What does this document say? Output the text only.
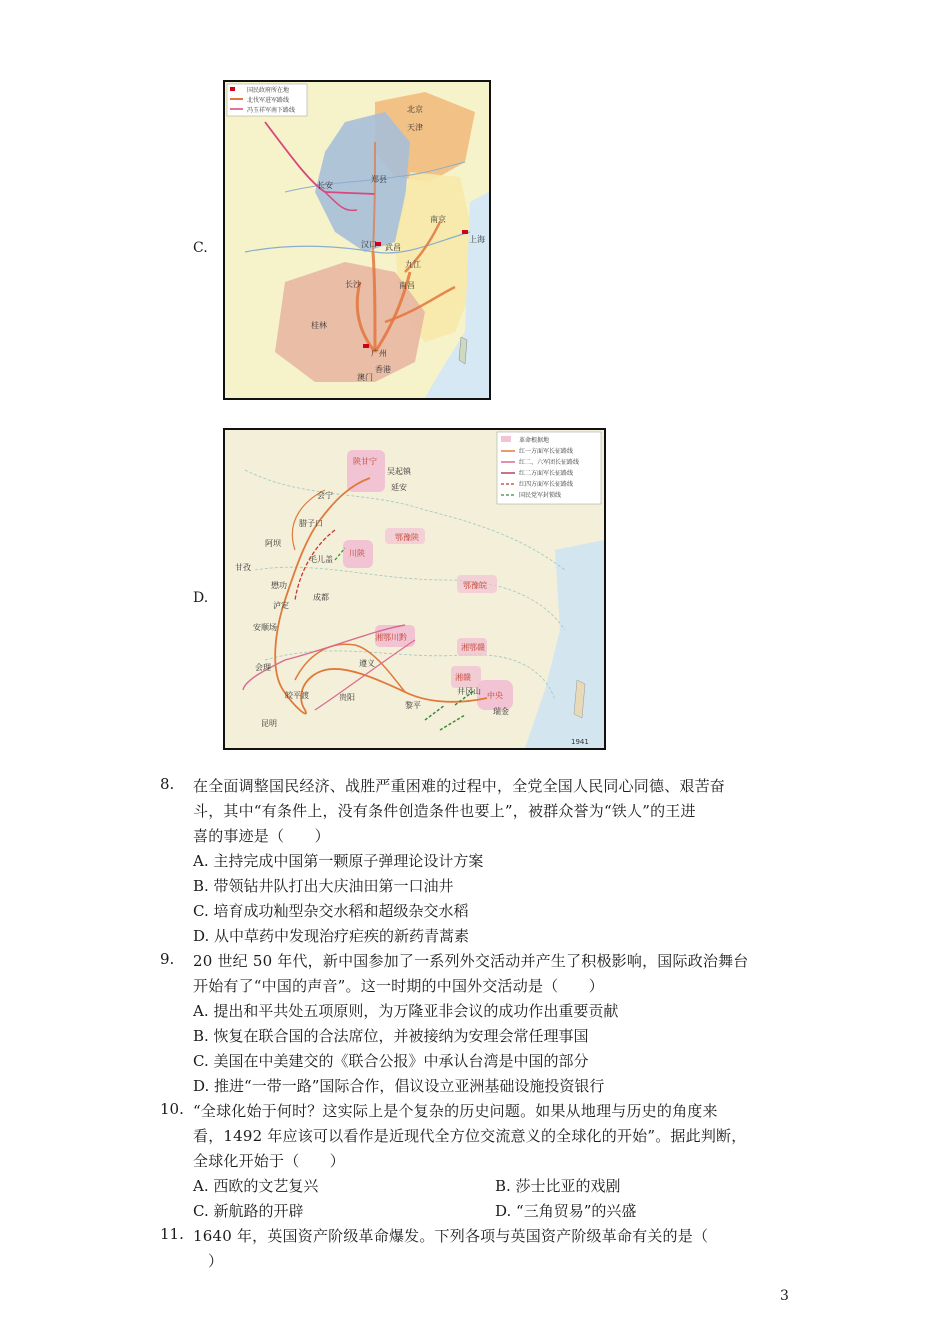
C.
国民政府所在地
北伐军进军路线
冯玉祥军南下路线	北京
天津
长安
郑县
南京
上海
汉口 武昌
九江
长沙	南昌
桂林
广州
香港
澳门
D.
革命根据地
红一方面军长征路线
红二、六军团长征路线
红二方面军长征路线
红四方面军长征路线
国民党军封锁线
陕甘宁
鄂豫陕
川陕
鄂豫皖
湘鄂川黔
湘鄂赣
湘赣
中央
吴起镇
延安
会宁
腊子口
阿坝
甘孜
懋功
毛儿盖
泸定
安顺场
会理	遵义
贵阳
黎平
昆明
皎平渡
瑞金
井冈山
成都
1941
8. 在全面调整国民经济、战胜严重困难的过程中，全党全国人民同心同德、艰苦奋
斗，其中“有条件上，没有条件创造条件也要上”，被群众誉为“铁人”的王进
喜的事迹是（　　）
A. 主持完成中国第一颗原子弹理论设计方案
B. 带领钻井队打出大庆油田第一口油井
C. 培育成功籼型杂交水稻和超级杂交水稻
D. 从中草药中发现治疗疟疾的新药青蒿素
9. 20 世纪 50 年代，新中国参加了一系列外交活动并产生了积极影响，国际政治舞台
开始有了“中国的声音”。这一时期的中国外交活动是（　　）
A. 提出和平共处五项原则，为万隆亚非会议的成功作出重要贡献
B. 恢复在联合国的合法席位，并被接纳为安理会常任理事国
C. 美国在中美建交的《联合公报》中承认台湾是中国的部分
D. 推进“一带一路”国际合作，倡议设立亚洲基础设施投资银行
10. “全球化始于何时？这实际上是个复杂的历史问题。如果从地理与历史的角度来
看，1492 年应该可以看作是近现代全方位交流意义的全球化的开始”。据此判断，
全球化开始于（　　）
A. 西欧的文艺复兴	B. 莎士比亚的戏剧
C. 新航路的开辟	D. “三角贸易”的兴盛
11. 1640 年，英国资产阶级革命爆发。下列各项与英国资产阶级革命有关的是（
）
3
